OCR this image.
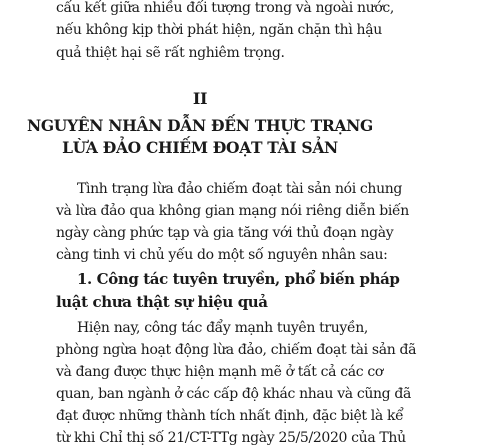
cấu kết giữa nhiều đối tượng trong và ngoài nước,
nếu không kịp thời phát hiện, ngăn chặn thì hậu
quả thiệt hại sẽ rất nghiêm trọng.
II
NGUYÊN NHÂN DẪN ĐẾN THỰC TRẠNG
LỪA ĐẢO CHIẾM ĐOẠT TÀI SẢN
Tình trạng lừa đảo chiếm đoạt tài sản nói chung
và lừa đảo qua không gian mạng nói riêng diễn biến
ngày càng phức tạp và gia tăng với thủ đoạn ngày
càng tinh vi chủ yếu do một số nguyên nhân sau:
1. Công tác tuyên truyền, phổ biến pháp
luật chưa thật sự hiệu quả
Hiện nay, công tác đẩy mạnh tuyên truyền,
phòng ngừa hoạt động lừa đảo, chiếm đoạt tài sản đã
và đang được thực hiện mạnh mẽ ở tất cả các cơ
quan, ban ngành ở các cấp độ khác nhau và cũng đã
đạt được những thành tích nhất định, đặc biệt là kể
từ khi Chỉ thị số 21/CT-TTg ngày 25/5/2020 của Thủ
